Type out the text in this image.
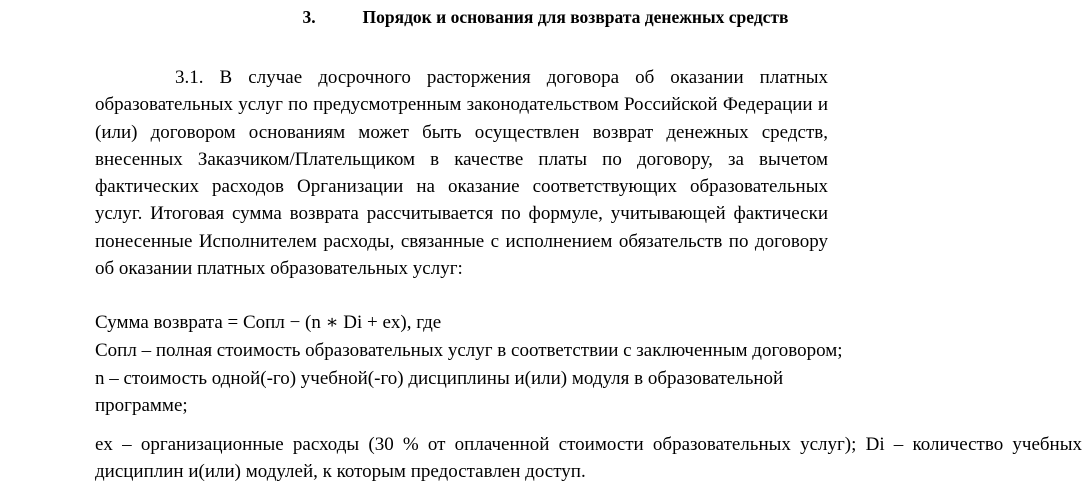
3.	Порядок и основания для возврата денежных средств
3.1. В случае досрочного расторжения договора об оказании платных образовательных услуг по предусмотренным законодательством Российской Федерации и (или) договором основаниям может быть осуществлен возврат денежных средств, внесенных Заказчиком/Плательщиком в качестве платы по договору, за вычетом фактических расходов Организации на оказание соответствующих образовательных услуг. Итоговая сумма возврата рассчитывается по формуле, учитывающей фактически понесенные Исполнителем расходы, связанные с исполнением обязательств по договору об оказании платных образовательных услуг:
Сумма возврата = Сопл − (n ∗ Di + ex), где
Сопл – полная стоимость образовательных услуг в соответствии с заключенным договором;
n – стоимость одной(-го) учебной(-го) дисциплины и(или) модуля в образовательной программе;
ex – организационные расходы (30 % от оплаченной стоимости образовательных услуг); Di – количество учебных дисциплин и(или) модулей, к которым предоставлен доступ.
